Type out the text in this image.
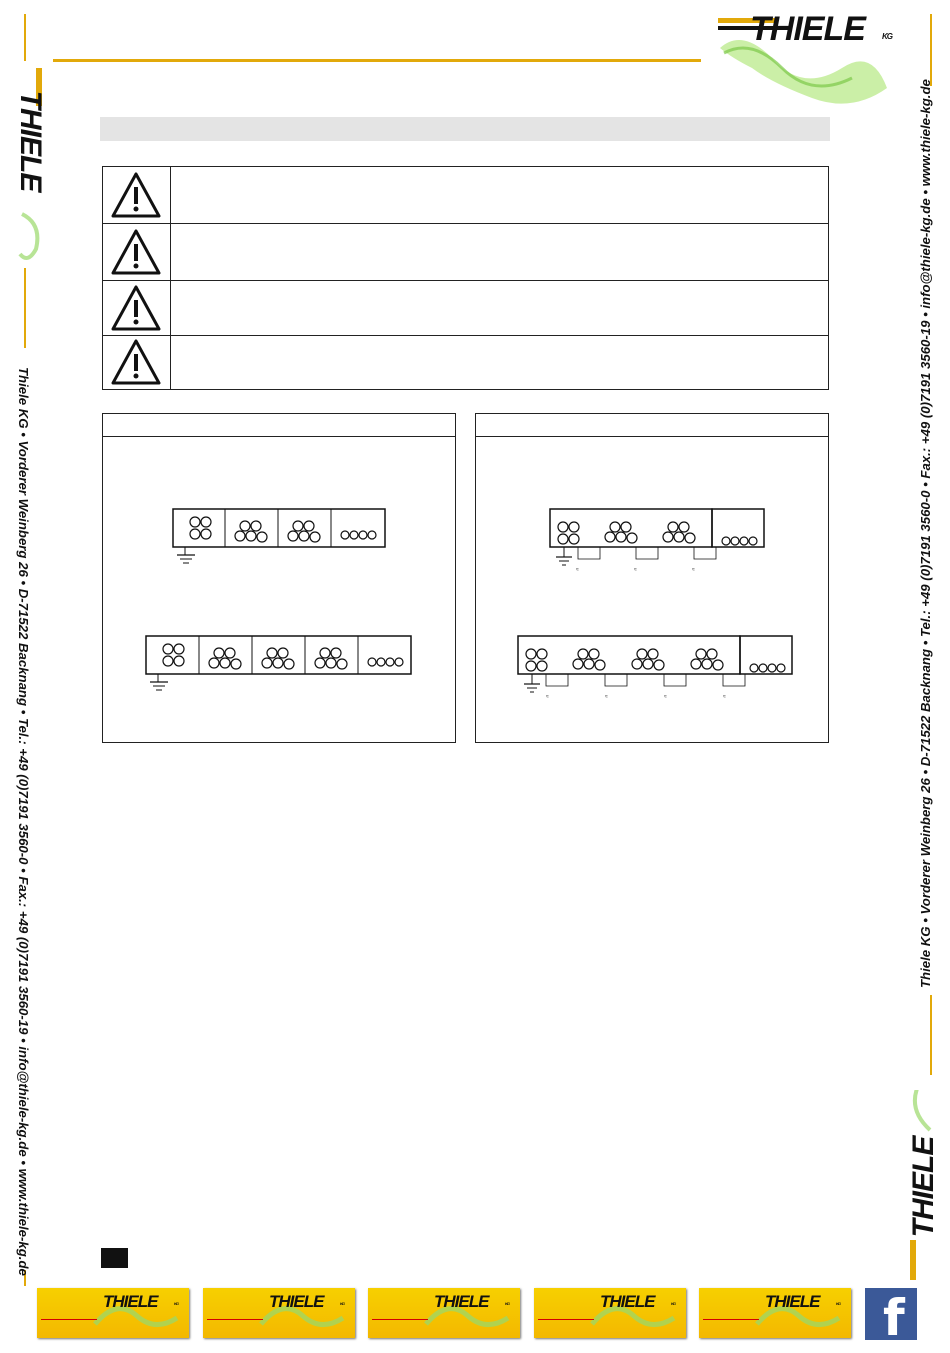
THIELE KG
THIELE
THIELE
Thiele KG • Vorderer Weinberg 26 • D-71522 Backnang • Tel.: +49 (0)7191 3560-0 • Fax.: +49 (0)7191 3560-19 • info@thiele-kg.de • www.thiele-kg.de	Thiele KG • Vorderer Weinberg 26 • D-71522 Backnang • Tel.: +49 (0)7191 3560-0 • Fax.: +49 (0)7191 3560-19 • info@thiele-kg.de • www.thiele-kg.de
≈	≈	≈
≈	≈	≈	≈
THIELE	KG	THIELE	KG	THIELE	KG	THIELE	KG	THIELE	KG f
